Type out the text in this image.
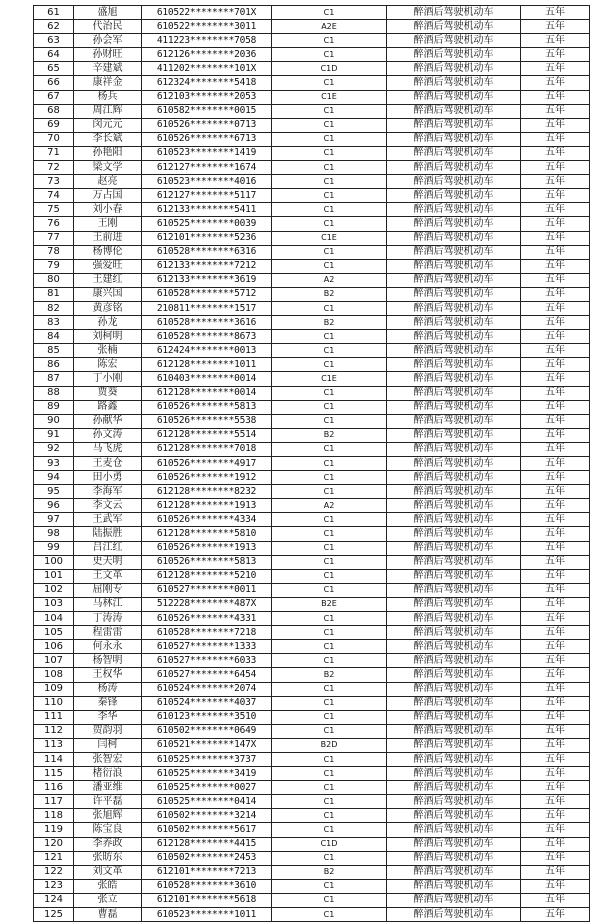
61	盛旭	610522********701X	C1	醉酒后驾驶机动车	五年
62	代治民	610522********3011	A2E	醉酒后驾驶机动车	五年
63	孙会军	411223********7058	C1	醉酒后驾驶机动车	五年
64	孙财旺	612126********2036	C1	醉酒后驾驶机动车	五年
65	辛建斌	411202********101X	C1D	醉酒后驾驶机动车	五年
66	康祥金	612324********5418	C1	醉酒后驾驶机动车	五年
67	杨兵	612103********2053	C1E	醉酒后驾驶机动车	五年
68	周江辉	610582********0015	C1	醉酒后驾驶机动车	五年
69	闵元元	610526********0713	C1	醉酒后驾驶机动车	五年
70	李长斌	610526********6713	C1	醉酒后驾驶机动车	五年
71	孙艳阳	610523********1419	C1	醉酒后驾驶机动车	五年
72	梁文学	612127********1674	C1	醉酒后驾驶机动车	五年
73	赵亮	610523********4016	C1	醉酒后驾驶机动车	五年
74	万占国	612127********5117	C1	醉酒后驾驶机动车	五年
75	刘小春	612133********5411	C1	醉酒后驾驶机动车	五年
76	王刚	610525********0039	C1	醉酒后驾驶机动车	五年
77	王前进	612101********5236	C1E	醉酒后驾驶机动车	五年
78	杨博伦	610528********6316	C1	醉酒后驾驶机动车	五年
79	强爱旺	612133********7212	C1	醉酒后驾驶机动车	五年
80	王建红	612133********3619	A2	醉酒后驾驶机动车	五年
81	康兴国	610528********5712	B2	醉酒后驾驶机动车	五年
82	黄彦铭	210811********1517	C1	醉酒后驾驶机动车	五年
83	孙龙	610528********3616	B2	醉酒后驾驶机动车	五年
84	刘柯明	610528********8673	C1	醉酒后驾驶机动车	五年
85	张楠	612424********0013	C1	醉酒后驾驶机动车	五年
86	陈宏	612128********1011	C1	醉酒后驾驶机动车	五年
87	丁小刚	610403********0014	C1E	醉酒后驾驶机动车	五年
88	贾葵	612128********0014	C1	醉酒后驾驶机动车	五年
89	路鑫	610526********5813	C1	醉酒后驾驶机动车	五年
90	孙献华	610526********5538	C1	醉酒后驾驶机动车	五年
91	孙文涛	612128********5514	B2	醉酒后驾驶机动车	五年
92	马飞虎	612128********7018	C1	醉酒后驾驶机动车	五年
93	王麦仓	610526********4917	C1	醉酒后驾驶机动车	五年
94	田小勇	610526********1912	C1	醉酒后驾驶机动车	五年
95	李海军	612128********8232	C1	醉酒后驾驶机动车	五年
96	李文云	612128********1913	A2	醉酒后驾驶机动车	五年
97	王武军	610526********4334	C1	醉酒后驾驶机动车	五年
98	陆振胜	612128********5810	C1	醉酒后驾驶机动车	五年
99	吕江红	610526********1913	C1	醉酒后驾驶机动车	五年
100	史天明	610526********5813	C1	醉酒后驾驶机动车	五年
101	王文革	612128********5210	C1	醉酒后驾驶机动车	五年
102	屈刚专	610527********0011	C1	醉酒后驾驶机动车	五年
103	马林江	512228********487X	B2E	醉酒后驾驶机动车	五年
104	丁涛涛	610526********4331	C1	醉酒后驾驶机动车	五年
105	程雷雷	610528********7218	C1	醉酒后驾驶机动车	五年
106	何永永	610527********1333	C1	醉酒后驾驶机动车	五年
107	杨智明	610527********6033	C1	醉酒后驾驶机动车	五年
108	王权华	610527********6454	B2	醉酒后驾驶机动车	五年
109	杨涛	610524********2074	C1	醉酒后驾驶机动车	五年
110	秦锋	610524********4037	C1	醉酒后驾驶机动车	五年
111	李华	610123********3510	C1	醉酒后驾驶机动车	五年
112	贺韵羽	610502********0649	C1	醉酒后驾驶机动车	五年
113	闫柯	610521********147X	B2D	醉酒后驾驶机动车	五年
114	张智宏	610525********3737	C1	醉酒后驾驶机动车	五年
115	楮衍浪	610525********3419	C1	醉酒后驾驶机动车	五年
116	潘亚维	610525********0027	C1	醉酒后驾驶机动车	五年
117	许平磊	610525********0414	C1	醉酒后驾驶机动车	五年
118	张旭辉	610502********3214	C1	醉酒后驾驶机动车	五年
119	陈宝良	610502********5617	C1	醉酒后驾驶机动车	五年
120	李养政	612128********4415	C1D	醉酒后驾驶机动车	五年
121	张昉东	610502********2453	C1	醉酒后驾驶机动车	五年
122	刘文革	612101********7213	B2	醉酒后驾驶机动车	五年
123	张皓	610528********3610	C1	醉酒后驾驶机动车	五年
124	张立	612101********5618	C1	醉酒后驾驶机动车	五年
125	曹磊	610523********1011	C1	醉酒后驾驶机动车	五年
